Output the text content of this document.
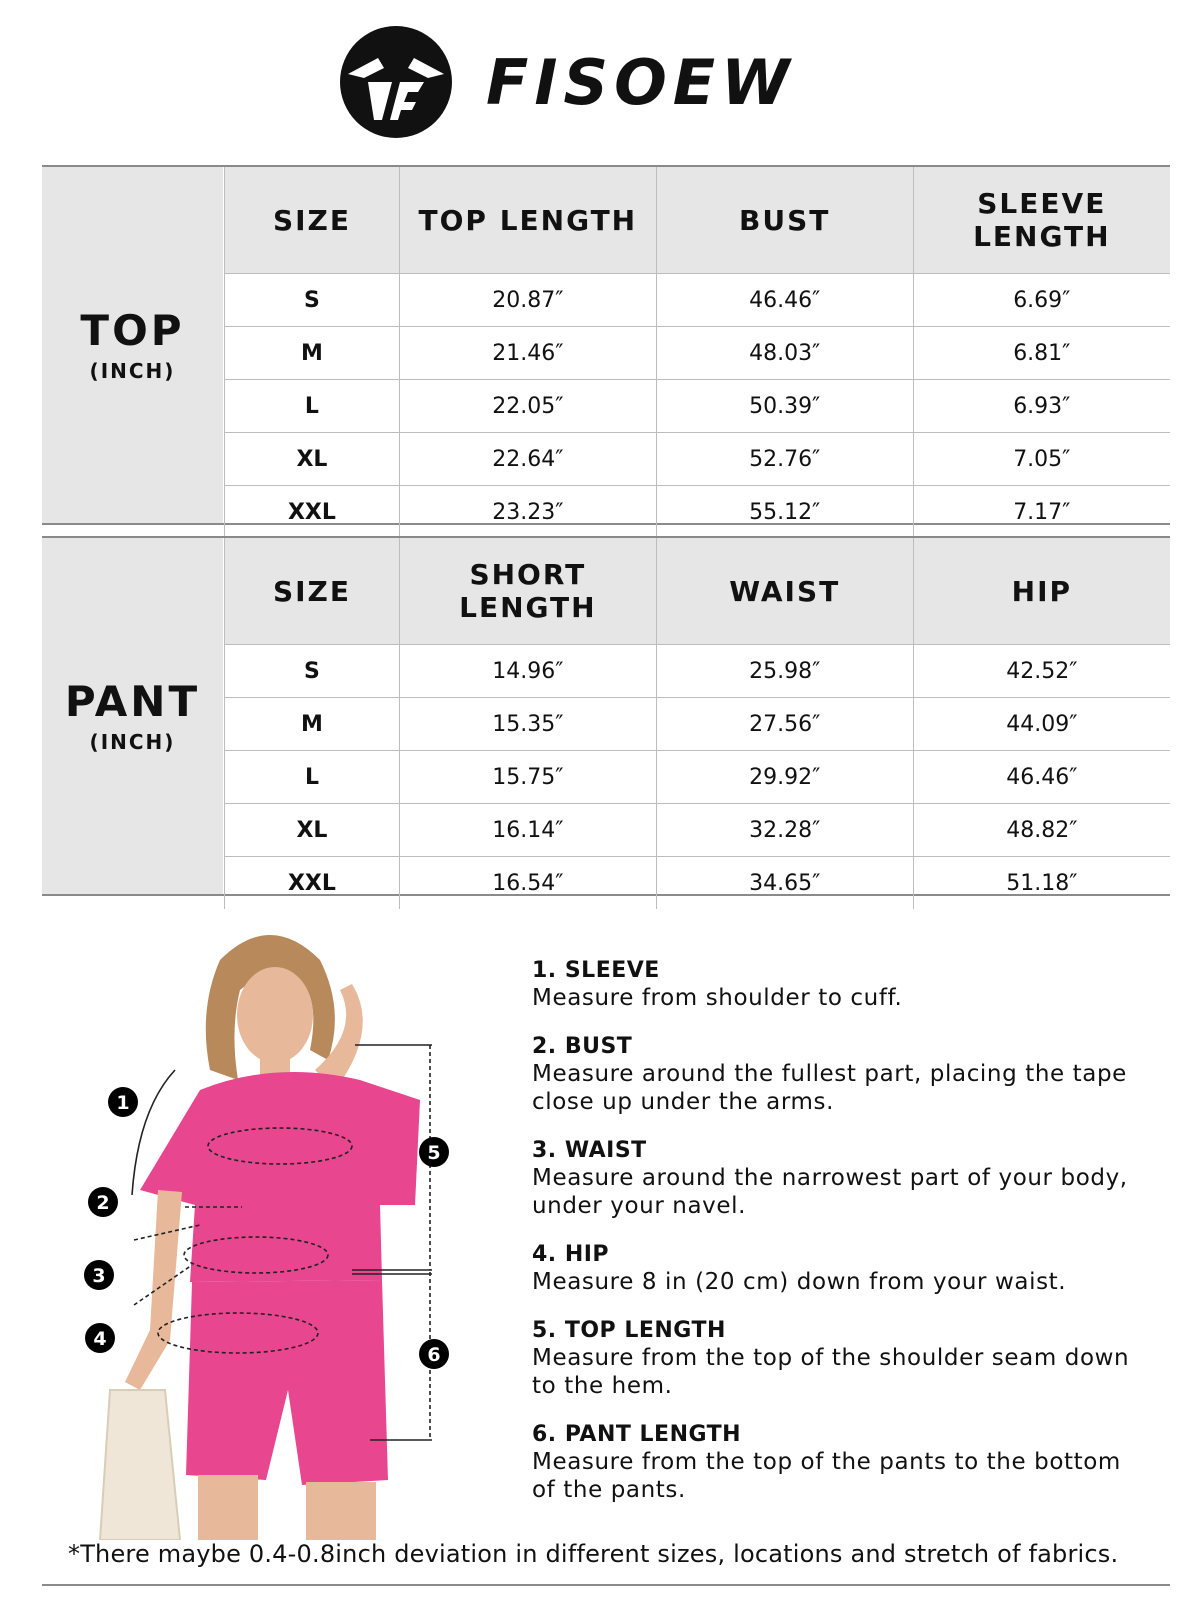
FISOEW
TOP
(INCH)
SIZE	TOP LENGTH	BUST	SLEEVE LENGTH
S	20.87″	46.46″	6.69″
M	21.46″	48.03″	6.81″
L	22.05″	50.39″	6.93″
XL	22.64″	52.76″	7.05″
XXL	23.23″	55.12″	7.17″
PANT
(INCH)
SIZE	SHORT LENGTH	WAIST	HIP
S	14.96″	25.98″	42.52″
M	15.35″	27.56″	44.09″
L	15.75″	29.92″	46.46″
XL	16.14″	32.28″	48.82″
XXL	16.54″	34.65″	51.18″
1
2
3
4
5
6
1. SLEEVE
Measure from shoulder to cuff.
2. BUST
Measure around the fullest part, placing the tape close up under the arms.
3. WAIST
Measure around the narrowest part of your body, under your navel.
4. HIP
Measure 8 in (20 cm) down from your waist.
5. TOP LENGTH
Measure from the top of the shoulder seam down to the hem.
6. PANT LENGTH
Measure from the top of the pants to the bottom of the pants.
*There maybe 0.4-0.8inch deviation in different sizes, locations and stretch of fabrics.
